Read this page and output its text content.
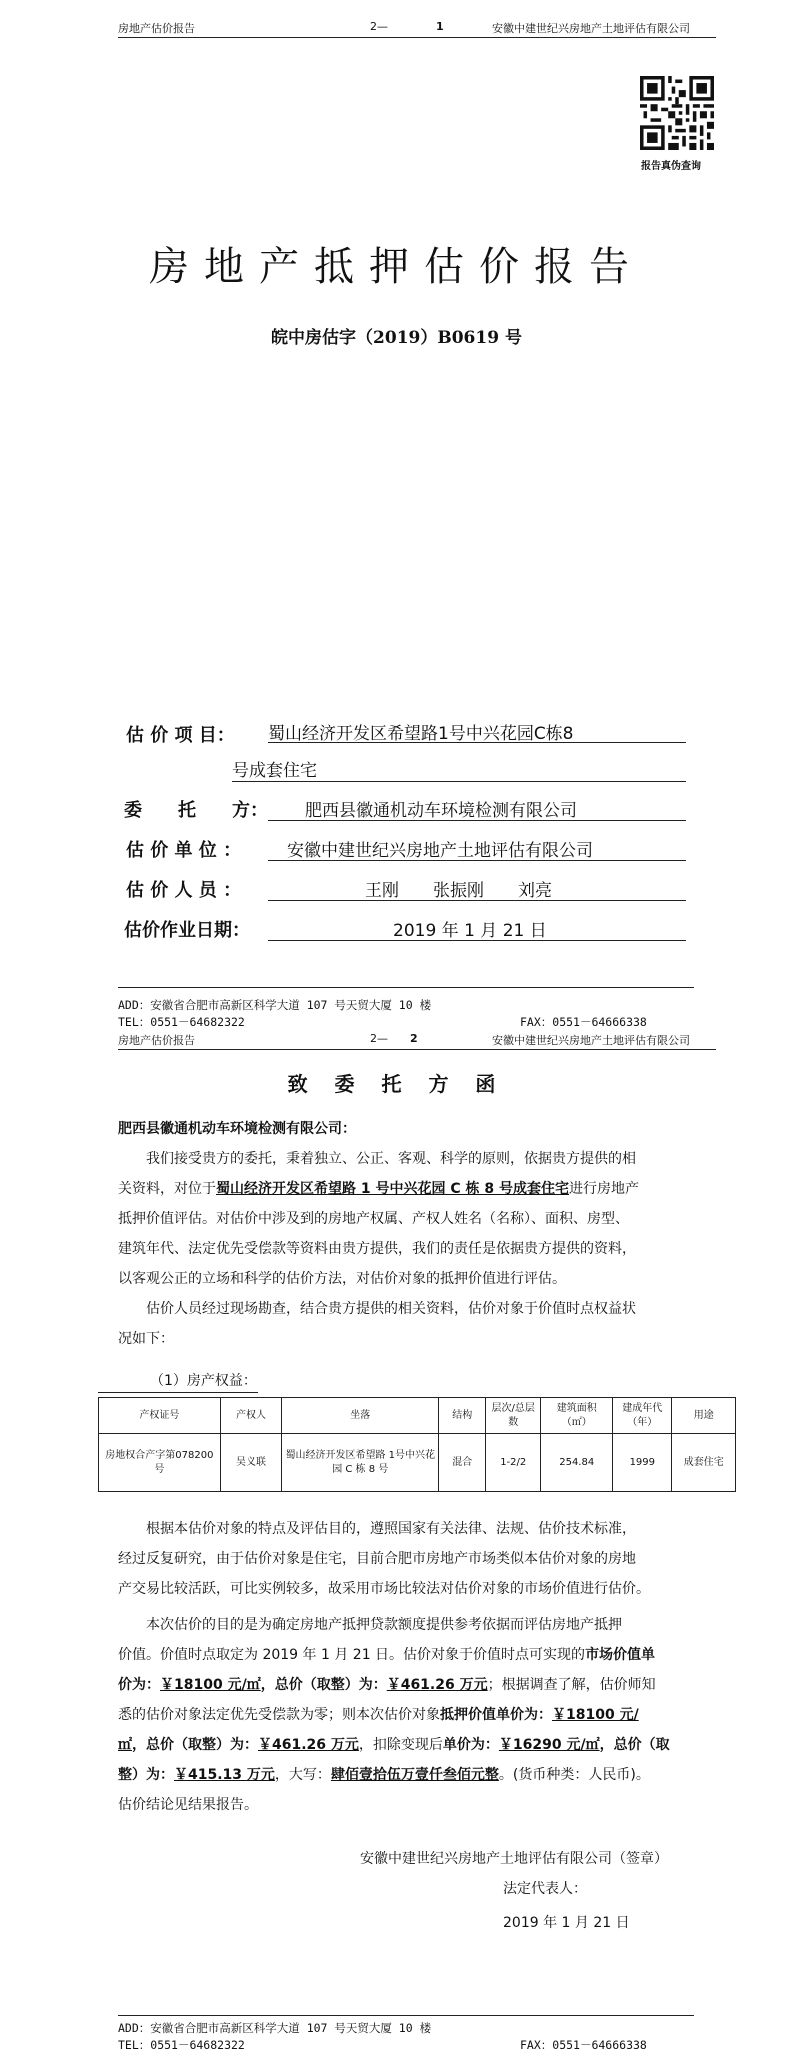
房地产估价报告	2—	1	安徽中建世纪兴房地产土地评估有限公司
报告真伪查询
房地产抵押估价报告
皖中房估字（2019）B0619 号
估 价 项 目： 蜀山经济开发区希望路1号中兴花园C栋8
号成套住宅
委　　托　　方： 肥西县徽通机动车环境检测有限公司
估 价 单 位 ：	安徽中建世纪兴房地产土地评估有限公司
估 价 人 员 ：	王刚　　张振刚　　刘亮
估价作业日期：	2019 年 1 月 21 日
ADD：安徽省合肥市高新区科学大道 107 号天贸大厦 10 楼
TEL：0551－64682322	FAX：0551－64666338
房地产估价报告	2— 2	安徽中建世纪兴房地产土地评估有限公司
致 委 托 方 函
肥西县徽通机动车环境检测有限公司：
我们接受贵方的委托，秉着独立、公正、客观、科学的原则，依据贵方提供的相
关资料，对位于蜀山经济开发区希望路 1 号中兴花园 C 栋 8 号成套住宅进行房地产
抵押价值评估。对估价中涉及到的房地产权属、产权人姓名（名称）、面积、房型、
建筑年代、法定优先受偿款等资料由贵方提供，我们的责任是依据贵方提供的资料，
以客观公正的立场和科学的估价方法，对估价对象的抵押价值进行评估。
估价人员经过现场勘查，结合贵方提供的相关资料，估价对象于价值时点权益状
况如下：
（1）房产权益：
产权证号	产权人	坐落	结构	层次/总层数	建筑面积（㎡）	建成年代（年）	用途
房地权合产字第078200 号	吴义联	蜀山经济开发区希望路 1号中兴花园 C 栋 8 号	混合	1-2/2	254.84	1999	成套住宅
根据本估价对象的特点及评估目的，遵照国家有关法律、法规、估价技术标准，
经过反复研究，由于估价对象是住宅，目前合肥市房地产市场类似本估价对象的房地
产交易比较活跃，可比实例较多，故采用市场比较法对估价对象的市场价值进行估价。
本次估价的目的是为确定房地产抵押贷款额度提供参考依据而评估房地产抵押
价值。价值时点取定为 2019 年 1 月 21 日。估价对象于价值时点可实现的市场价值单
价为：￥18100 元/㎡，总价（取整）为：￥461.26 万元；根据调查了解，估价师知
悉的估价对象法定优先受偿款为零；则本次估价对象抵押价值单价为：￥18100 元/
㎡，总价（取整）为：￥461.26 万元，扣除变现后单价为：￥16290 元/㎡，总价（取
整）为：￥415.13 万元，大写：肆佰壹拾伍万壹仟叁佰元整。(货币种类：人民币)。
估价结论见结果报告。
安徽中建世纪兴房地产土地评估有限公司（签章）
法定代表人：
2019 年 1 月 21 日
ADD：安徽省合肥市高新区科学大道 107 号天贸大厦 10 楼
TEL：0551－64682322	FAX：0551－64666338
